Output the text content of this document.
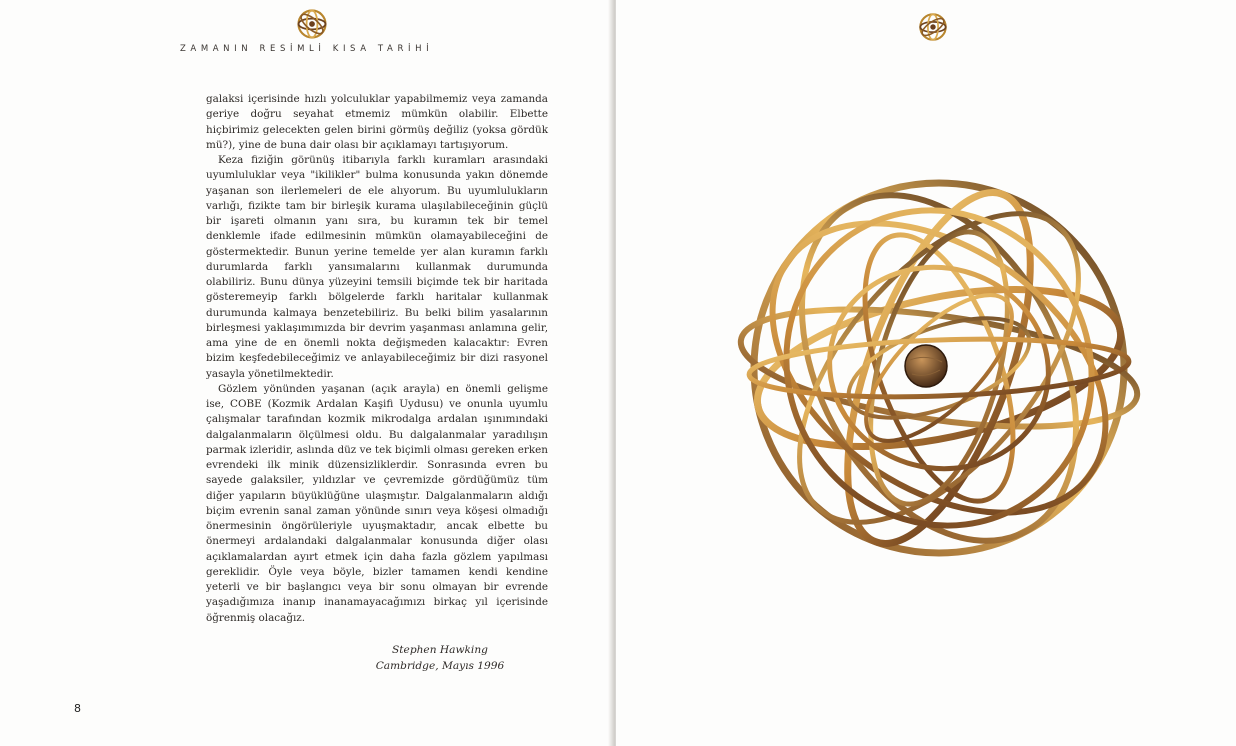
ZAMANIN RESİMLİ KISA TARİHİ

galaksi içerisinde hızlı yolculuklar yapabilmemiz veya zamanda geriye doğru seyahat etmemiz mümkün olabilir. Elbette hiçbirimiz gelecekten gelen birini görmüş değiliz (yoksa gördük mü?), yine de buna dair olası bir açıklamayı tartışıyorum.

Keza fiziğin görünüş itibarıyla farklı kuramları arasındaki uyumluluklar veya "ikilikler" bulma konusunda yakın dönemde yaşanan son ilerlemeleri de ele alıyorum. Bu uyumlulukların varlığı, fizikte tam bir birleşik kurama ulaşılabileceğinin güçlü bir işareti olmanın yanı sıra, bu kuramın tek bir temel denklemle ifade edilmesinin mümkün olamayabileceğini de göstermektedir. Bunun yerine temelde yer alan kuramın farklı durumlarda farklı yansımalarını kullanmak durumunda olabiliriz. Bunu dünya yüzeyini temsili biçimde tek bir haritada gösteremeyip farklı bölgelerde farklı haritalar kullanmak durumunda kalmaya benzetebiliriz. Bu belki bilim yasalarının birleşmesi yaklaşımımızda bir devrim yaşanması anlamına gelir, ama yine de en önemli nokta değişmeden kalacaktır: Evren bizim keşfedebileceğimiz ve anlayabileceğimiz bir dizi rasyonel yasayla yönetilmektedir.

Gözlem yönünden yaşanan (açık arayla) en önemli gelişme ise, COBE (Kozmik Ardalan Kaşifi Uydusu) ve onunla uyumlu çalışmalar tarafından kozmik mikrodalga ardalan ışınımındaki dalgalanmaların ölçülmesi oldu. Bu dalgalanmalar yaradılışın parmak izleridir, aslında düz ve tek biçimli olması gereken erken evrendeki ilk minik düzensizliklerdir. Sonrasında evren bu sayede galaksiler, yıldızlar ve çevremizde gördüğümüz tüm diğer yapıların büyüklüğüne ulaşmıştır. Dalgalanmaların aldığı biçim evrenin sanal zaman yönünde sınırı veya köşesi olmadığı önermesinin öngörüleriyle uyuşmaktadır, ancak elbette bu önermeyi ardalandaki dalgalanmalar konusunda diğer olası açıklamalardan ayırt etmek için daha fazla gözlem yapılması gereklidir. Öyle veya böyle, bizler tamamen kendi kendine yeterli ve bir başlangıcı veya bir sonu olmayan bir evrende yaşadığımıza inanıp inanamayacağımızı birkaç yıl içerisinde öğrenmiş olacağız.

Stephen Hawking
Cambridge, Mayıs 1996
8
